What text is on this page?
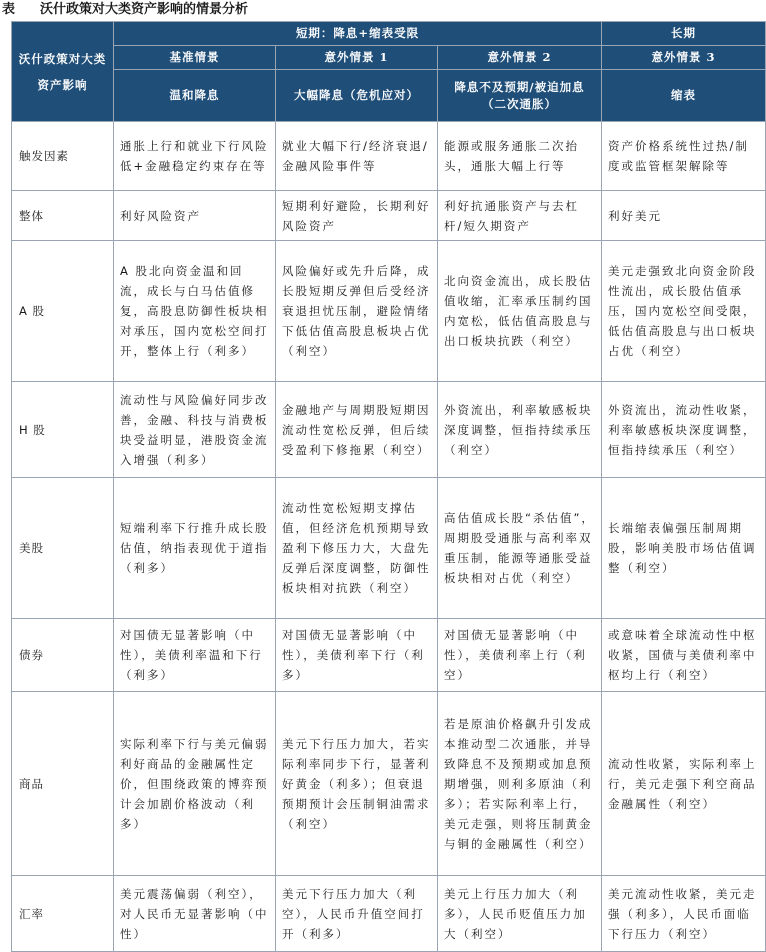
表 沃什政策对大类资产影响的情景分析
沃什政策对大类资产影响	短期：降息+缩表受限			长期
	基准情景	意外情景 1	意外情景 2	意外情景 3
	温和降息	大幅降息（危机应对）	降息不及预期/被迫加息（二次通胀）	缩表
触发因素	通胀上行和就业下行风险低+金融稳定约束存在等	就业大幅下行/经济衰退/金融风险事件等	能源或服务通胀二次抬头，通胀大幅上行等	资产价格系统性过热/制度或监管框架解除等
整体	利好风险资产	短期利好避险，长期利好风险资产	利好抗通胀资产与去杠杆/短久期资产	利好美元
A 股	A 股北向资金温和回流，成长与白马估值修复，高股息防御性板块相对承压，国内宽松空间打开，整体上行（利多）	风险偏好或先升后降，成长股短期反弹但后受经济衰退担忧压制，避险情绪下低估值高股息板块占优（利空）	北向资金流出，成长股估值收缩，汇率承压制约国内宽松，低估值高股息与出口板块抗跌（利空）	美元走强致北向资金阶段性流出，成长股估值承压，国内宽松空间受限，低估值高股息与出口板块占优（利空）
H 股	流动性与风险偏好同步改善，金融、科技与消费板块受益明显，港股资金流入增强（利多）	金融地产与周期股短期因流动性宽松反弹，但后续受盈利下修拖累（利空）	外资流出，利率敏感板块深度调整，恒指持续承压（利空）	外资流出，流动性收紧，利率敏感板块深度调整，恒指持续承压（利空）
美股	短端利率下行推升成长股估值，纳指表现优于道指（利多）	流动性宽松短期支撑估值，但经济危机预期导致盈利下修压力大，大盘先反弹后深度调整，防御性板块相对抗跌（利空）	高估值成长股“杀估值”，周期股受通胀与高利率双重压制，能源等通胀受益板块相对占优（利空）	长端缩表偏强压制周期股，影响美股市场估值调整（利空）
债券	对国债无显著影响（中性），美债利率温和下行（利多）	对国债无显著影响（中性），美债利率下行（利多）	对国债无显著影响（中性），美债利率上行（利空）	或意味着全球流动性中枢收紧，国债与美债利率中枢均上行（利空）
商品	实际利率下行与美元偏弱利好商品的金融属性定价，但围绕政策的博弈预计会加剧价格波动（利多）	美元下行压力加大，若实际利率同步下行，显著利好黄金（利多）；但衰退预期预计会压制铜油需求（利空）	若是原油价格飙升引发成本推动型二次通胀，并导致降息不及预期或加息预期增强，则利多原油（利多）；若实际利率上行，美元走强，则将压制黄金与铜的金融属性（利空）	流动性收紧，实际利率上行，美元走强下利空商品金融属性（利空）
汇率	美元震荡偏弱（利空），对人民币无显著影响（中性）	美元下行压力加大（利空），人民币升值空间打开（利多）	美元上行压力加大（利多），人民币贬值压力加大（利空）	美元流动性收紧，美元走强（利多），人民币面临下行压力（利空）
